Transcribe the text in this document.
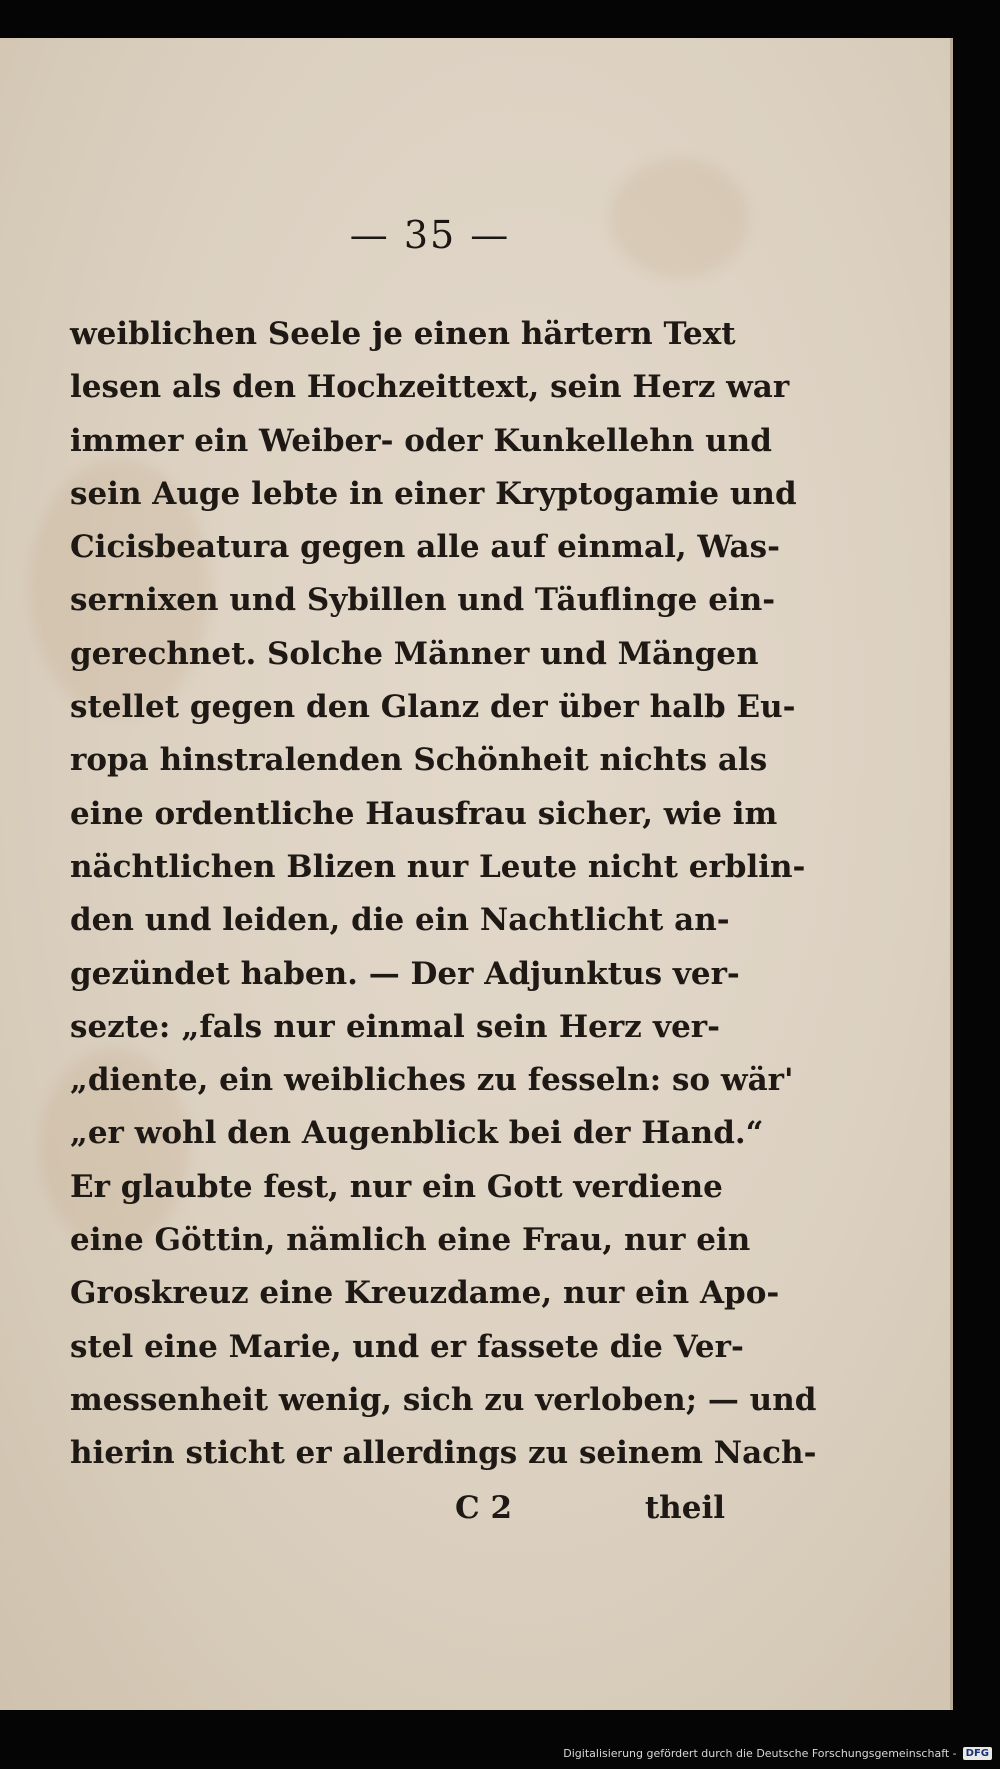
— 35 —
weiblichen Seele je einen härtern Text
lesen als den Hochzeittext, sein Herz war
immer ein Weiber- oder Kunkellehn und
sein Auge lebte in einer Kryptogamie und
Cicisbeatura gegen alle auf einmal, Was-
sernixen und Sybillen und Täuflinge ein-
gerechnet. Solche Männer und Mängen
stellet gegen den Glanz der über halb Eu-
ropa hinstralenden Schönheit nichts als
eine ordentliche Hausfrau sicher, wie im
nächtlichen Blizen nur Leute nicht erblin-
den und leiden, die ein Nachtlicht an-
gezündet haben. — Der Adjunktus ver-
sezte: „fals nur einmal sein Herz ver-
„diente, ein weibliches zu fesseln: so wär'
„er wohl den Augenblick bei der Hand.“
Er glaubte fest, nur ein Gott verdiene
eine Göttin, nämlich eine Frau, nur ein
Groskreuz eine Kreuzdame, nur ein Apo-
stel eine Marie, und er fassete die Ver-
messenheit wenig, sich zu verloben; — und
hierin sticht er allerdings zu seinem Nach-
C 2	theil
Digitalisierung gefördert durch die Deutsche Forschungsgemeinschaft - DFG
